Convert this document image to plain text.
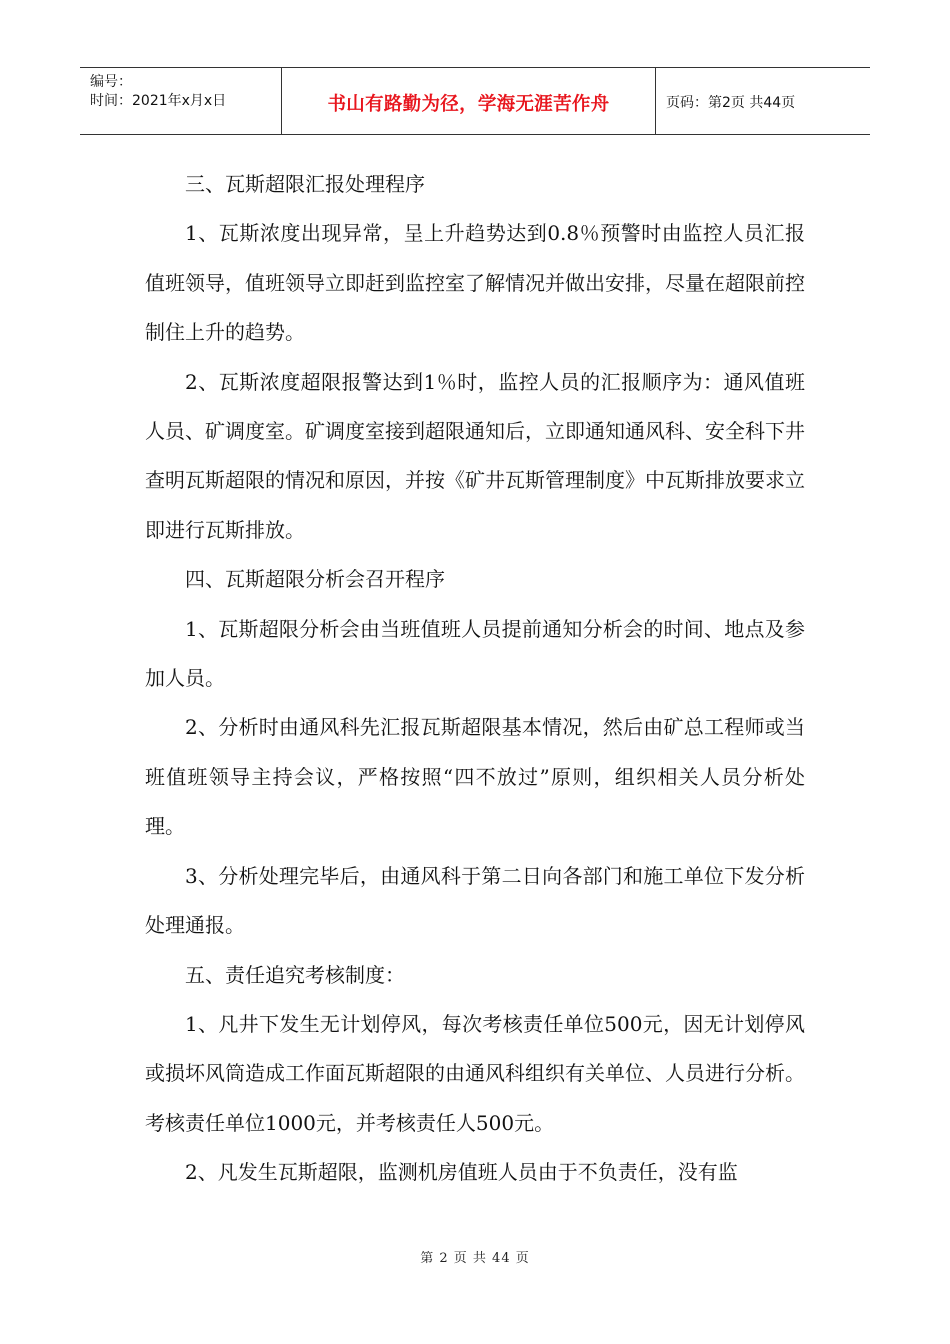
编号：
时间：2021年x月x日	书山有路勤为径，学海无涯苦作舟	页码：第2页 共44页

三、瓦斯超限汇报处理程序

1、瓦斯浓度出现异常，呈上升趋势达到0.8％预警时由监控人员汇报值班领导，值班领导立即赶到监控室了解情况并做出安排，尽量在超限前控制住上升的趋势。

2、瓦斯浓度超限报警达到1％时，监控人员的汇报顺序为：通风值班人员、矿调度室。矿调度室接到超限通知后，立即通知通风科、安全科下井查明瓦斯超限的情况和原因，并按《矿井瓦斯管理制度》中瓦斯排放要求立即进行瓦斯排放。

四、瓦斯超限分析会召开程序

1、瓦斯超限分析会由当班值班人员提前通知分析会的时间、地点及参加人员。

2、分析时由通风科先汇报瓦斯超限基本情况，然后由矿总工程师或当班值班领导主持会议，严格按照“四不放过”原则，组织相关人员分析处理。

3、分析处理完毕后，由通风科于第二日向各部门和施工单位下发分析处理通报。

五、责任追究考核制度：

1、凡井下发生无计划停风，每次考核责任单位500元，因无计划停风或损坏风筒造成工作面瓦斯超限的由通风科组织有关单位、人员进行分析。考核责任单位1000元，并考核责任人500元。

2、凡发生瓦斯超限，监测机房值班人员由于不负责任，没有监

第 2 页 共 44 页
